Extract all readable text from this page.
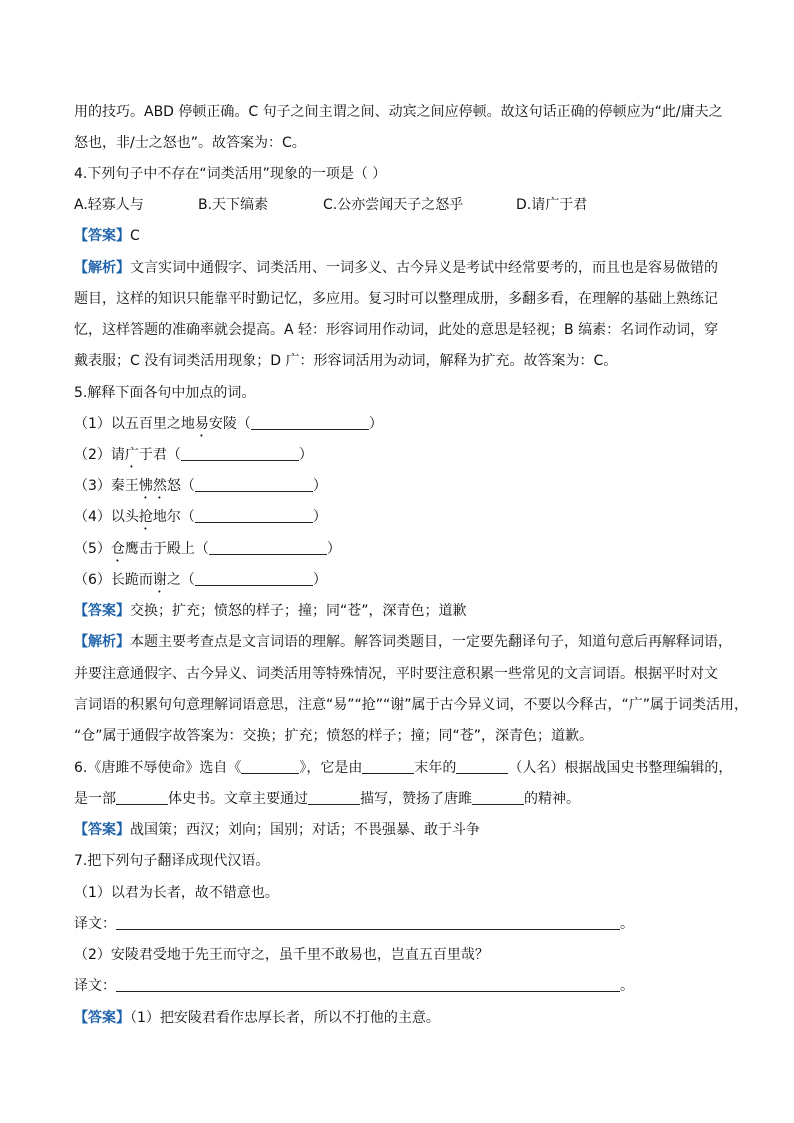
用的技巧。ABD 停顿正确。C 句子之间主谓之间、动宾之间应停顿。故这句话正确的停顿应为“此/庸夫之
怒也，非/士之怒也”。故答案为：C。
4.下列句子中不存在“词类活用”现象的一项是（ ）
A.轻寡人与	B.天下缟素	C.公亦尝闻天子之怒乎	D.请广于君
【答案】C
【解析】文言实词中通假字、词类活用、一词多义、古今异义是考试中经常要考的，而且也是容易做错的
题目，这样的知识只能靠平时勤记忆，多应用。复习时可以整理成册，多翻多看，在理解的基础上熟练记
忆，这样答题的准确率就会提高。A 轻：形容词用作动词，此处的意思是轻视；B 缟素：名词作动词，穿
戴表服；C 没有词类活用现象；D 广：形容词活用为动词，解释为扩充。故答案为：C。
5.解释下面各句中加点的词。
（1）以五百里之地易安陵（	）
（2）请广于君（	）
（3）秦王怫然怒（	）
（4）以头抢地尔（	）
（5）仓鹰击于殿上（	）
（6）长跪而谢之（	）
【答案】交换；扩充；愤怒的样子；撞；同“苍”，深青色；道歉
【解析】本题主要考查点是文言词语的理解。解答词类题目，一定要先翻译句子，知道句意后再解释词语，
并要注意通假字、古今异义、词类活用等特殊情况，平时要注意积累一些常见的文言词语。根据平时对文
言词语的积累句句意理解词语意思，注意“易”“抢”“谢”属于古今异义词，不要以今释古，“广”属于词类活用，
“仓”属于通假字故答案为：交换；扩充；愤怒的样子；撞；同“苍”，深青色；道歉。
6.《唐雎不辱使命》选自《	》，它是由	末年的	（人名）根据战国史书整理编辑的，
是一部	体史书。文章主要通过	描写，赞扬了唐雎	的精神。
【答案】战国策；西汉；刘向；国别；对话；不畏强暴、敢于斗争
7.把下列句子翻译成现代汉语。
（1）以君为长者，故不错意也。
译文：	。
（2）安陵君受地于先王而守之，虽千里不敢易也，岂直五百里哉？
译文：	。
【答案】（1）把安陵君看作忠厚长者，所以不打他的主意。
